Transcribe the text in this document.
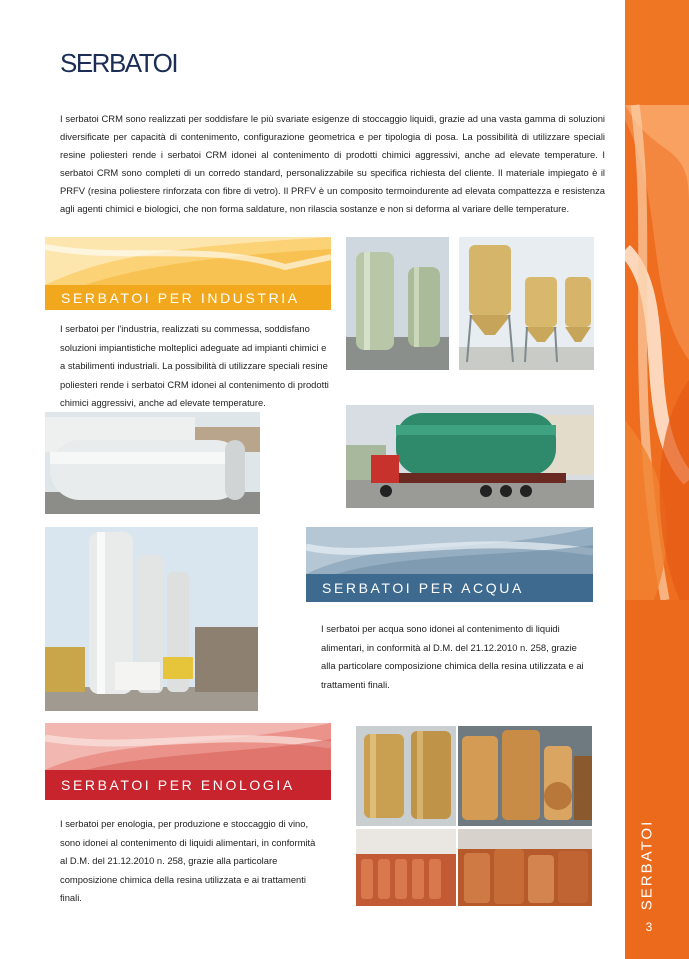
SERBATOI
I serbatoi CRM sono realizzati per soddisfare le più svariate esigenze di stoccaggio liquidi, grazie ad una vasta gamma di soluzioni diversificate per capacità di contenimento, configurazione geometrica e per tipologia di posa. La possibilità di utilizzare speciali resine poliesteri rende i serbatoi CRM idonei al contenimento di prodotti chimici aggressivi, anche ad elevate temperature. I serbatoi CRM sono completi di un corredo standard, personalizzabile su specifica richiesta del cliente. Il materiale impiegato è il PRFV (resina poliestere rinforzata con fibre di vetro). Il PRFV è un composito termoindurente ad elevata compattezza e resistenza agli agenti chimici e biologici, che non forma saldature, non rilascia sostanze e non si deforma al variare delle temperature.
SERBATOI PER INDUSTRIA
I serbatoi per l'industria, realizzati su commessa, soddisfano soluzioni impiantistiche molteplici adeguate ad impianti chimici e a stabilimenti industriali. La possibilità di utilizzare speciali resine poliesteri rende i serbatoi CRM idonei al contenimento di prodotti chimici aggressivi, anche ad elevate temperature.
SERBATOI PER ACQUA
I serbatoi per acqua sono idonei al contenimento di liquidi alimentari, in conformità al D.M. del 21.12.2010 n. 258, grazie alla particolare composizione chimica della resina utilizzata e ai trattamenti finali.
SERBATOI PER ENOLOGIA
I serbatoi per enologia, per produzione e stoccaggio di vino, sono idonei al contenimento di liquidi alimentari, in conformità al D.M. del 21.12.2010 n. 258, grazie alla particolare composizione chimica della resina utilizzata e ai trattamenti finali.	SERBATOI
3
